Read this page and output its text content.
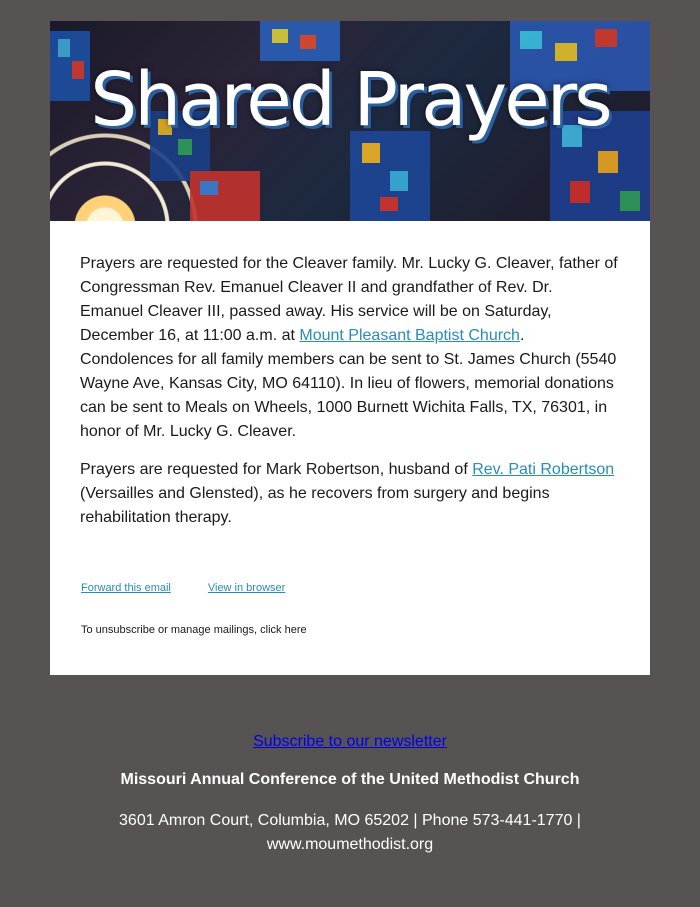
Shared Prayers

Prayers are requested for the Cleaver family. Mr. Lucky G. Cleaver, father of Congressman Rev. Emanuel Cleaver II and grandfather of Rev. Dr. Emanuel Cleaver III, passed away. His service will be on Saturday, December 16, at 11:00 a.m. at Mount Pleasant Baptist Church. Condolences for all family members can be sent to St. James Church (5540 Wayne Ave, Kansas City, MO 64110). In lieu of flowers, memorial donations can be sent to Meals on Wheels, 1000 Burnett Wichita Falls, TX, 76301, in honor of Mr. Lucky G. Cleaver.

Prayers are requested for Mark Robertson, husband of Rev. Pati Robertson (Versailles and Glensted), as he recovers from surgery and begins rehabilitation therapy.

Forward this email	View in browser
To unsubscribe or manage mailings, click here
Subscribe to our newsletter
Missouri Annual Conference of the United Methodist Church
3601 Amron Court, Columbia, MO 65202 | Phone 573-441-1770 |
www.moumethodist.org
